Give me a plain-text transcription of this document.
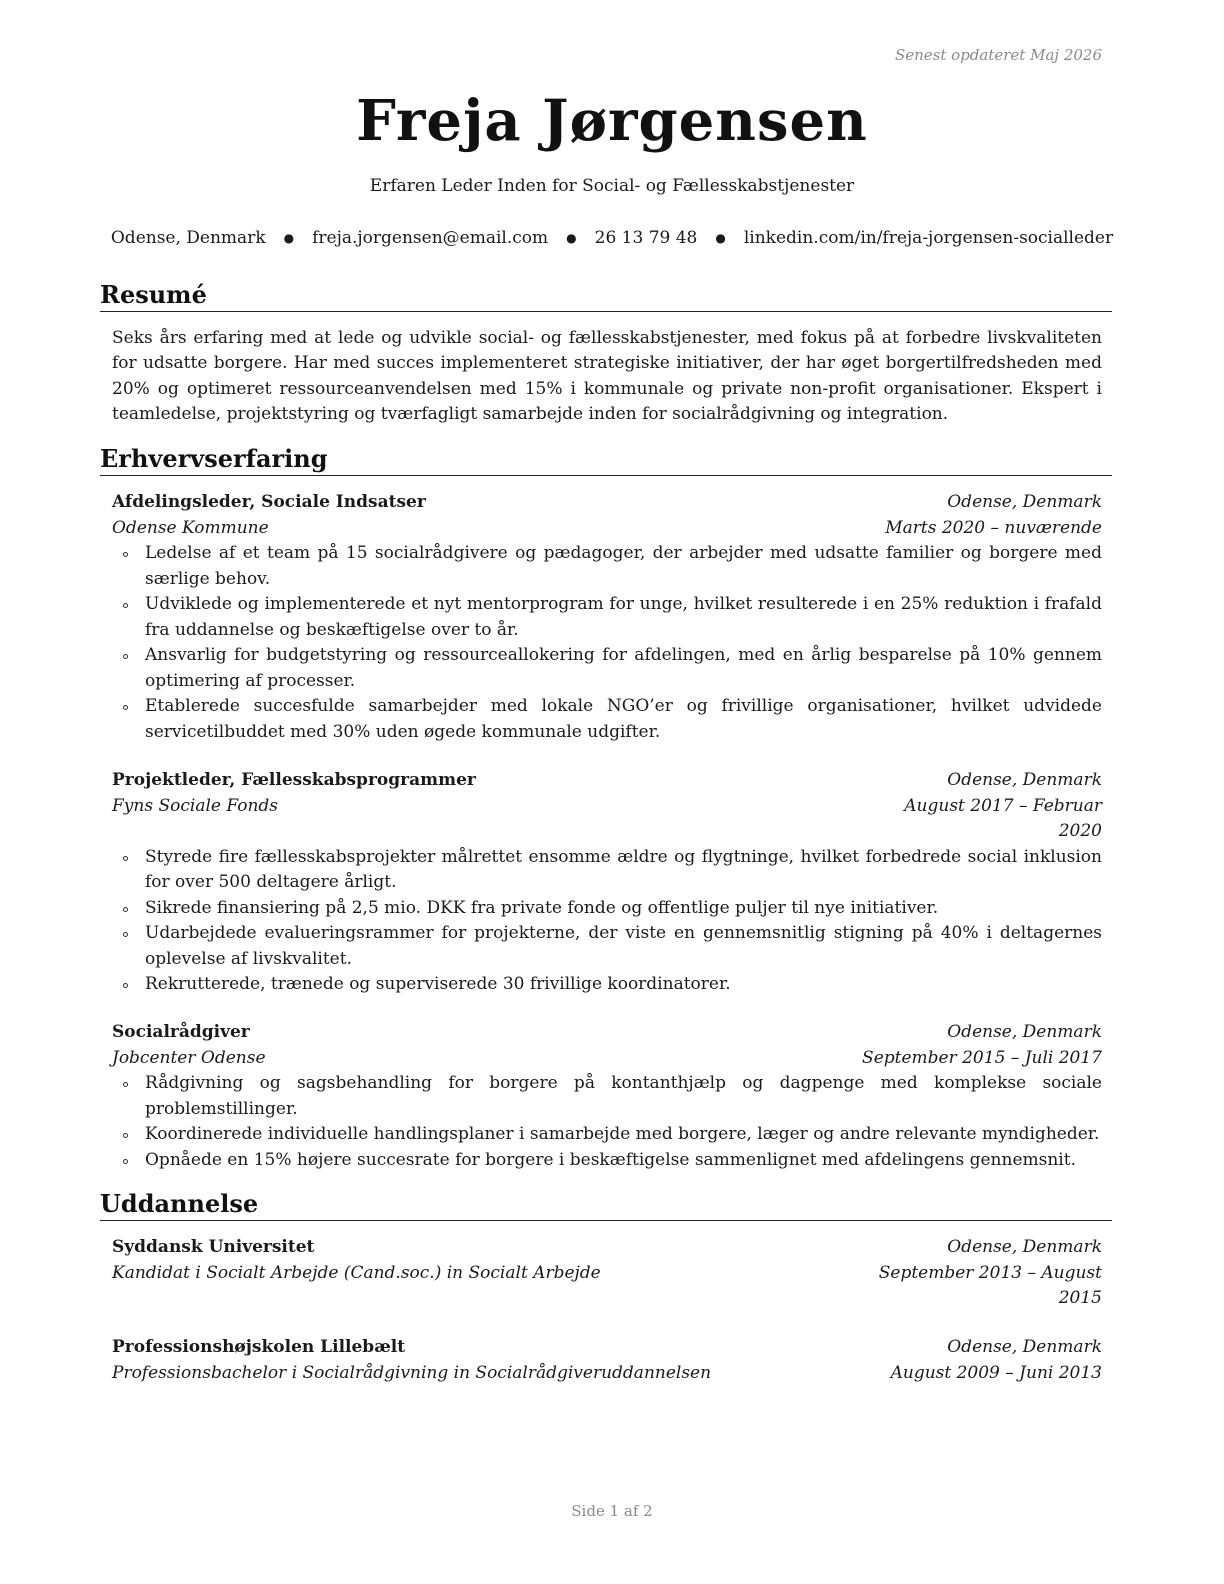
Senest opdateret Maj 2026
Freja Jørgensen
Erfaren Leder Inden for Social- og Fællesskabstjenester
Odense, Denmark ● freja.jorgensen@email.com ● 26 13 79 48 ● linkedin.com/in/freja-jorgensen-socialleder
Resumé
Seks års erfaring med at lede og udvikle social- og fællesskabstjenester, med fokus på at forbedre livskvaliteten for udsatte borgere. Har med succes implementeret strategiske initiativer, der har øget borgertilfredsheden med 20% og optimeret ressourceanvendelsen med 15% i kommunale og private non-profit organisationer. Ekspert i teamledelse, projektstyring og tværfagligt samarbejde inden for socialrådgivning og integration.
Erhvervserfaring
Afdelingsleder, Sociale Indsatser	Odense, Denmark
Odense Kommune	Marts 2020 – nuværende
Ledelse af et team på 15 socialrådgivere og pædagoger, der arbejder med udsatte familier og borgere med særlige behov.
Udviklede og implementerede et nyt mentorprogram for unge, hvilket resulterede i en 25% reduktion i frafald fra uddannelse og beskæftigelse over to år.
Ansvarlig for budgetstyring og ressourceallokering for afdelingen, med en årlig besparelse på 10% gennem optimering af processer.
Etablerede succesfulde samarbejder med lokale NGO’er og frivillige organisationer, hvilket udvidede servicetilbuddet med 30% uden øgede kommunale udgifter.
Projektleder, Fællesskabsprogrammer	Odense, Denmark
Fyns Sociale Fonds	August 2017 – Februar 2020
Styrede fire fællesskabsprojekter målrettet ensomme ældre og flygtninge, hvilket forbedrede social inklusion for over 500 deltagere årligt.
Sikrede finansiering på 2,5 mio. DKK fra private fonde og offentlige puljer til nye initiativer.
Udarbejdede evalueringsrammer for projekterne, der viste en gennemsnitlig stigning på 40% i deltagernes oplevelse af livskvalitet.
Rekrutterede, trænede og superviserede 30 frivillige koordinatorer.
Socialrådgiver	Odense, Denmark
Jobcenter Odense	September 2015 – Juli 2017
Rådgivning og sagsbehandling for borgere på kontanthjælp og dagpenge med komplekse sociale problemstillinger.
Koordinerede individuelle handlingsplaner i samarbejde med borgere, læger og andre relevante myndigheder.
Opnåede en 15% højere succesrate for borgere i beskæftigelse sammenlignet med afdelingens gennemsnit.
Uddannelse
Syddansk Universitet	Odense, Denmark
Kandidat i Socialt Arbejde (Cand.soc.) in Socialt Arbejde	September 2013 – August 2015
Professionshøjskolen Lillebælt	Odense, Denmark
Professionsbachelor i Socialrådgivning in Socialrådgiveruddannelsen	August 2009 – Juni 2013
Side 1 af 2
